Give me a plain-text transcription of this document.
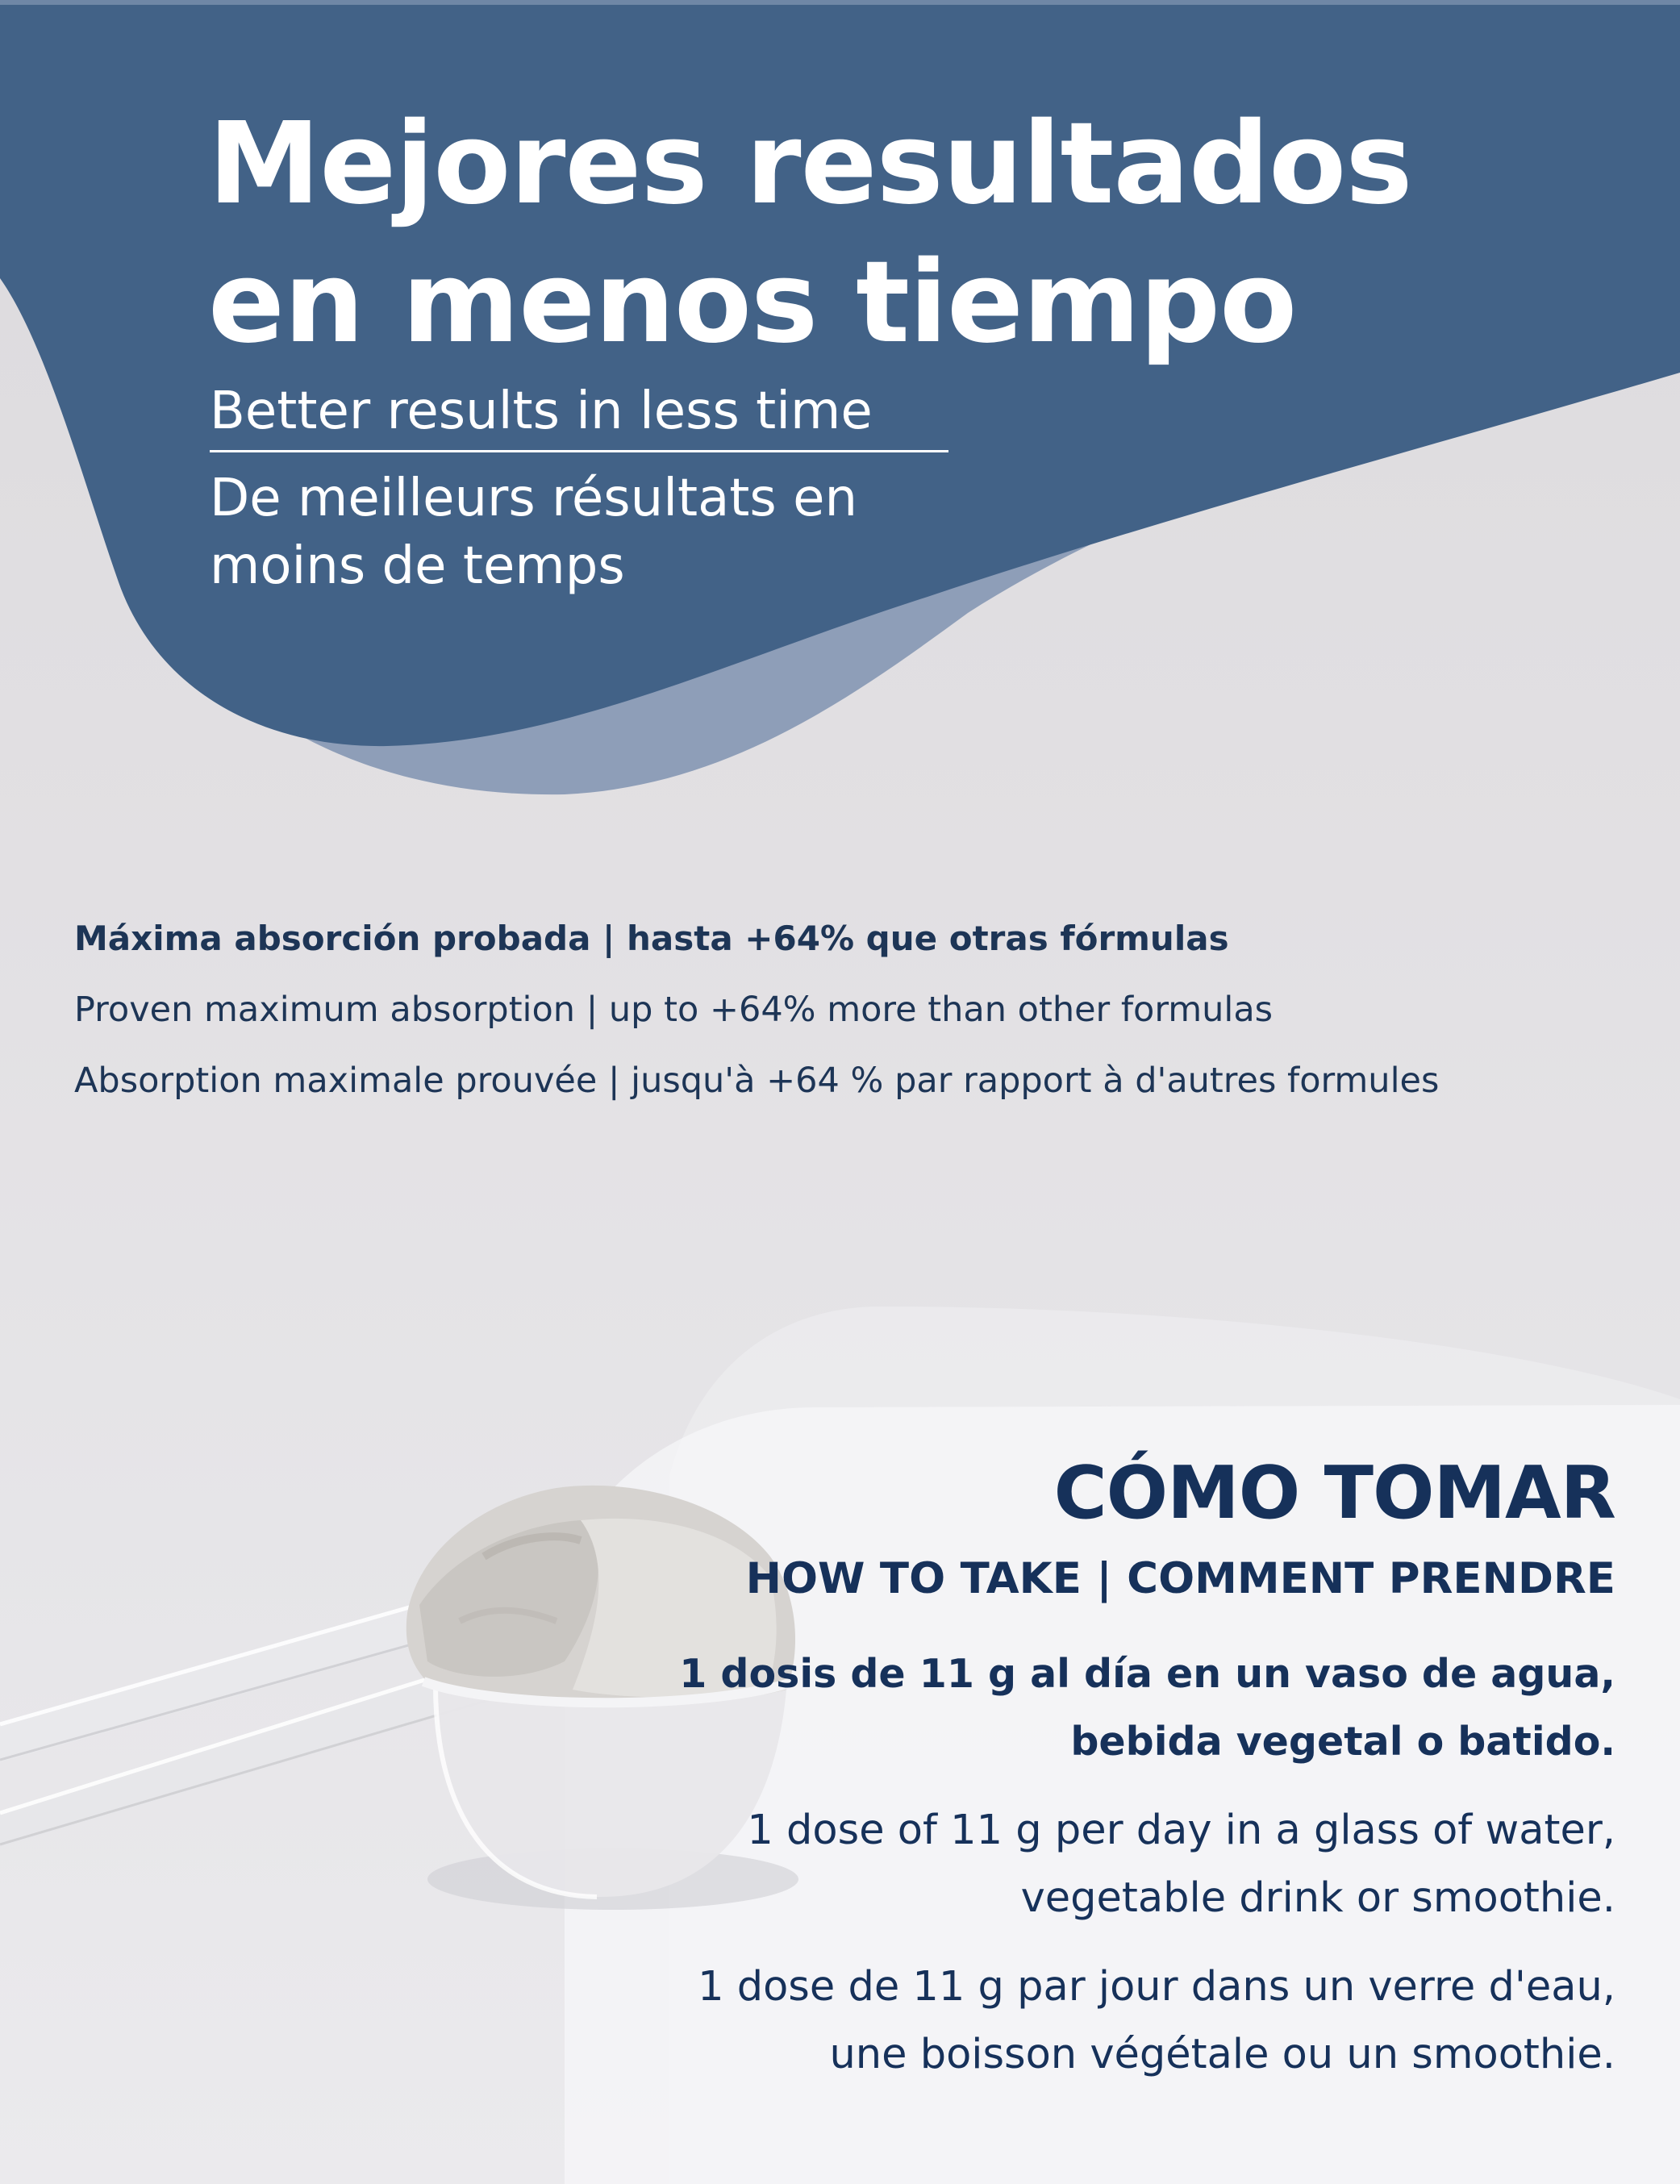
Mejores resultados
en menos tiempo

Better results in less time

De meilleurs résultats en
moins de temps

Máxima absorción probada | hasta +64% que otras fórmulas
Proven maximum absorption | up to +64% more than other formulas
Absorption maximale prouvée | jusqu'à +64 % par rapport à d'autres formules
CÓMO TOMAR
HOW TO TAKE | COMMENT PRENDRE
1 dosis de 11 g al día en un vaso de agua,
bebida vegetal o batido.
1 dose of 11 g per day in a glass of water,
vegetable drink or smoothie.
1 dose de 11 g par jour dans un verre d'eau,
une boisson végétale ou un smoothie.
